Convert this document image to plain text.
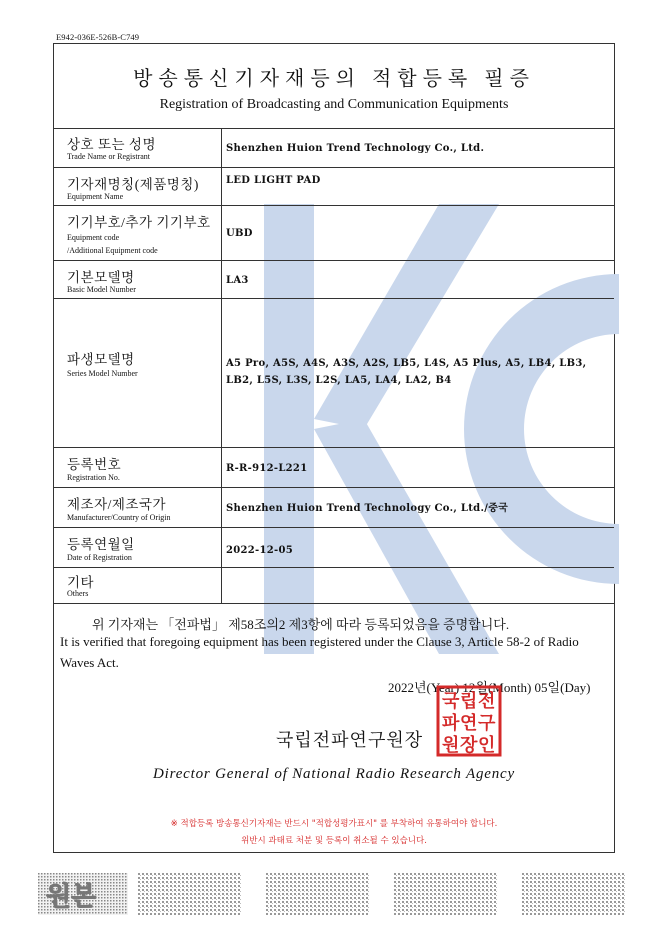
E942-036E-526B-C749
방송통신기자재등의 적합등록 필증
Registration of Broadcasting and Communication Equipments
상호 또는 성명
Trade Name or Registrant
Shenzhen Huion Trend Technology Co., Ltd.
기자재명칭(제품명칭)
Equipment Name
LED LIGHT PAD
기기부호/추가 기기부호
Equipment code
/Additional Equipment code
UBD
기본모델명
Basic Model Number
LA3
파생모델명
Series Model Number
A5 Pro, A5S, A4S, A3S, A2S, LB5, L4S, A5 Plus, A5, LB4, LB3,
LB2, L5S, L3S, L2S, LA5, LA4, LA2, B4
등록번호
Registration No.
R-R-912-L221
제조자/제조국가
Manufacturer/Country of Origin
Shenzhen Huion Trend Technology Co., Ltd./중국
등록연월일
Date of Registration
2022-12-05
기타
Others
위 기자재는 「전파법」 제58조의2 제3항에 따라 등록되었음을 증명합니다.
It is verified that foregoing equipment has been registered under the Clause 3, Article 58-2 of Radio Waves Act.
2022년(Year) 12월(Month) 05일(Day)
국립전파연구원장
국 립 전
파 연 구
원 장 인
Director General of National Radio Research Agency
※ 적합등록 방송통신기자재는 반드시 "적합성평가표시" 를 부착하여 유통하여야 합니다.
위반시 과태료 처분 및 등록이 취소될 수 있습니다.
원본
